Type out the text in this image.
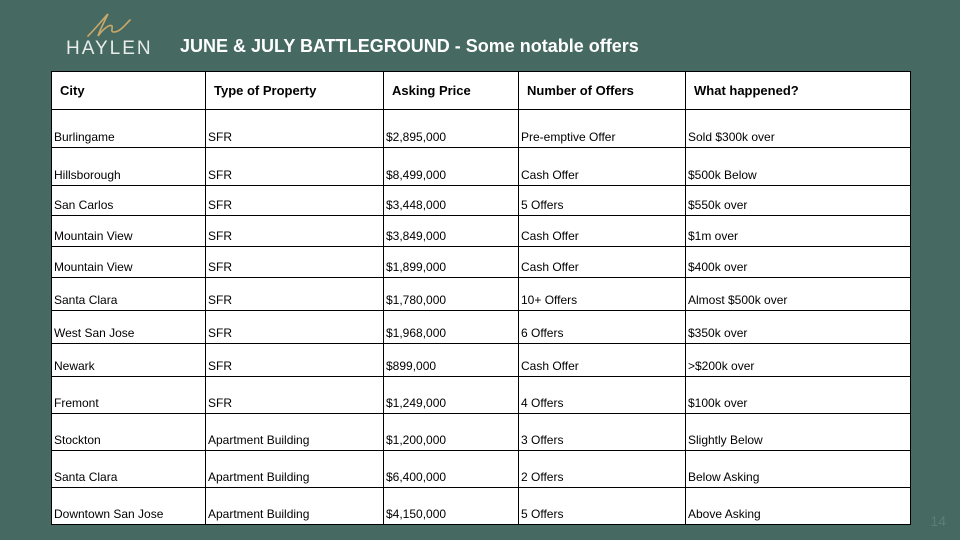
HAYLEN JUNE & JULY BATTLEGROUND - Some notable offers
City	Type of Property	Asking Price	Number of Offers	What happened?
Burlingame	SFR	$2,895,000	Pre-emptive Offer	Sold $300k over
Hillsborough	SFR	$8,499,000	Cash Offer	$500k Below
San Carlos	SFR	$3,448,000	5 Offers	$550k over
Mountain View	SFR	$3,849,000	Cash Offer	$1m over
Mountain View	SFR	$1,899,000	Cash Offer	$400k over
Santa Clara	SFR	$1,780,000	10+ Offers	Almost $500k over
West San Jose	SFR	$1,968,000	6 Offers	$350k over
Newark	SFR	$899,000	Cash Offer	>$200k over
Fremont	SFR	$1,249,000	4 Offers	$100k over
Stockton	Apartment Building	$1,200,000	3 Offers	Slightly Below
Santa Clara	Apartment Building	$6,400,000	2 Offers	Below Asking
Downtown San Jose	Apartment Building	$4,150,000	5 Offers	Above Asking	14
